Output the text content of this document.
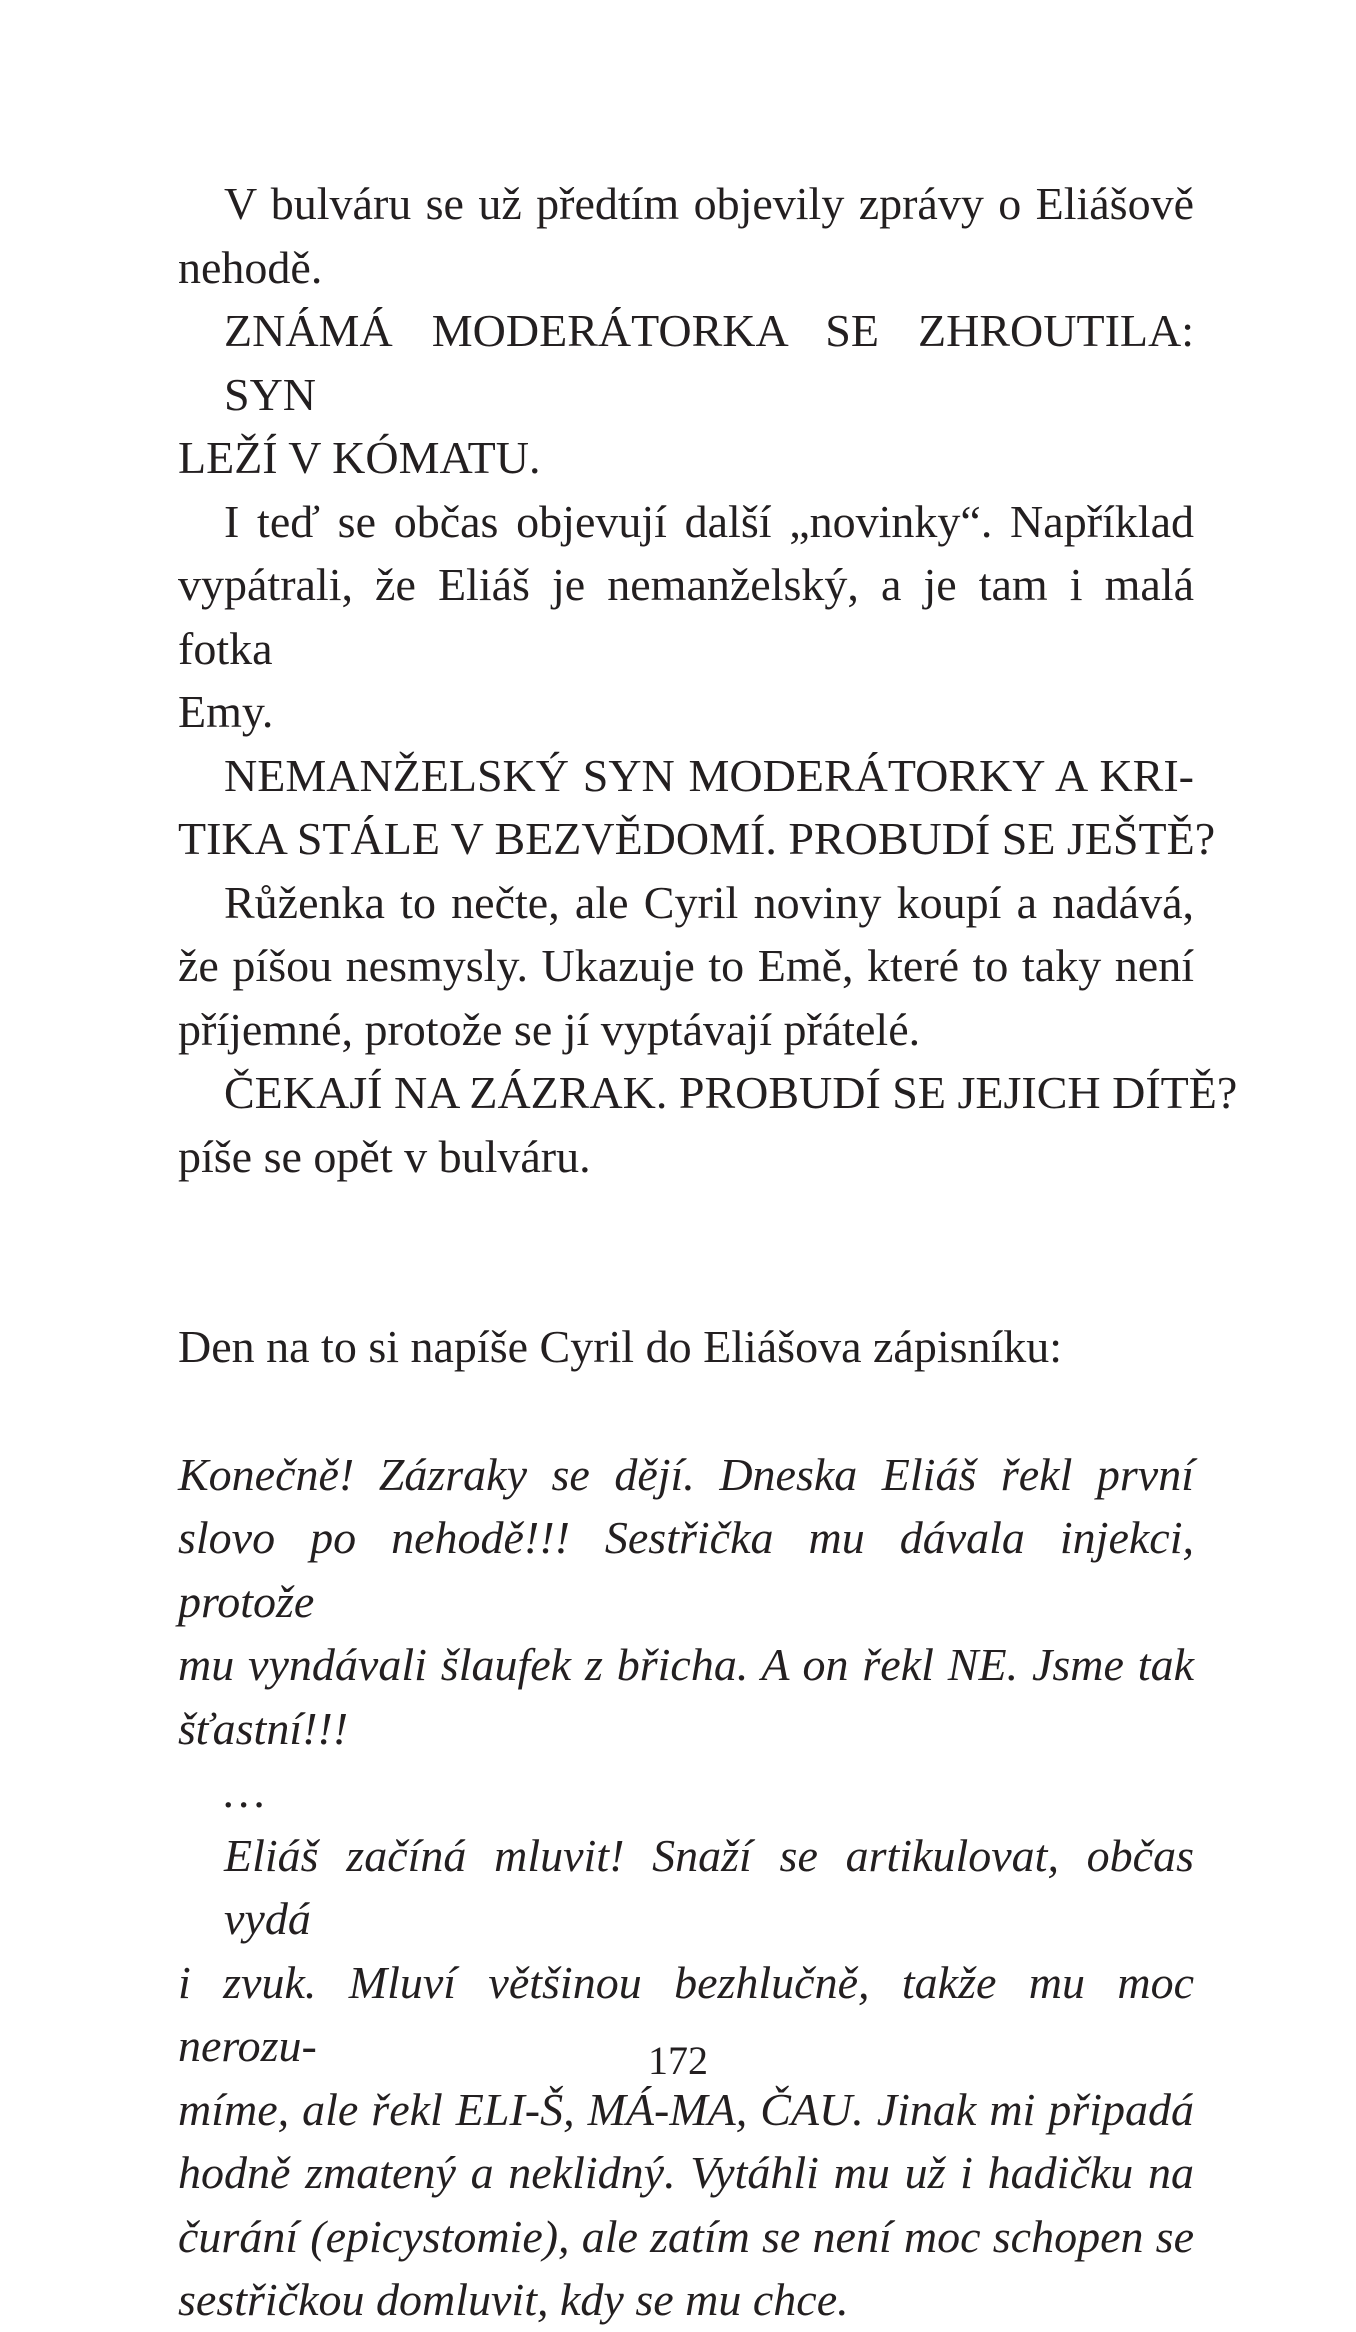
V bulváru se už předtím objevily zprávy o Eliášově
nehodě.
ZNÁMÁ MODERÁTORKA SE ZHROUTILA: SYN
LEŽÍ V KÓMATU.
I teď se občas objevují další „novinky“. Například
vypátrali, že Eliáš je nemanželský, a je tam i malá fotka
Emy.
NEMANŽELSKÝ SYN MODERÁTORKY A KRI-
TIKA STÁLE V BEZVĚDOMÍ. PROBUDÍ SE JEŠTĚ?
Růženka to nečte, ale Cyril noviny koupí a nadává,
že píšou nesmysly. Ukazuje to Emě, které to taky není
příjemné, protože se jí vyptávají přátelé.
ČEKAJÍ NA ZÁZRAK. PROBUDÍ SE JEJICH DÍTĚ?
píše se opět v bulváru.
Den na to si napíše Cyril do Eliášova zápisníku:
Konečně! Zázraky se dějí. Dneska Eliáš řekl první
slovo po nehodě!!! Sestřička mu dávala injekci, protože
mu vyndávali šlaufek z břicha. A on řekl NE. Jsme tak
šťastní!!!
…
Eliáš začíná mluvit! Snaží se artikulovat, občas vydá
i zvuk. Mluví většinou bezhlučně, takže mu moc nerozu-
míme, ale řekl ELI-Š, MÁ-MA, ČAU. Jinak mi připadá
hodně zmatený a neklidný. Vytáhli mu už i hadičku na
čurání (epicystomie), ale zatím se není moc schopen se
sestřičkou domluvit, kdy se mu chce.
172
